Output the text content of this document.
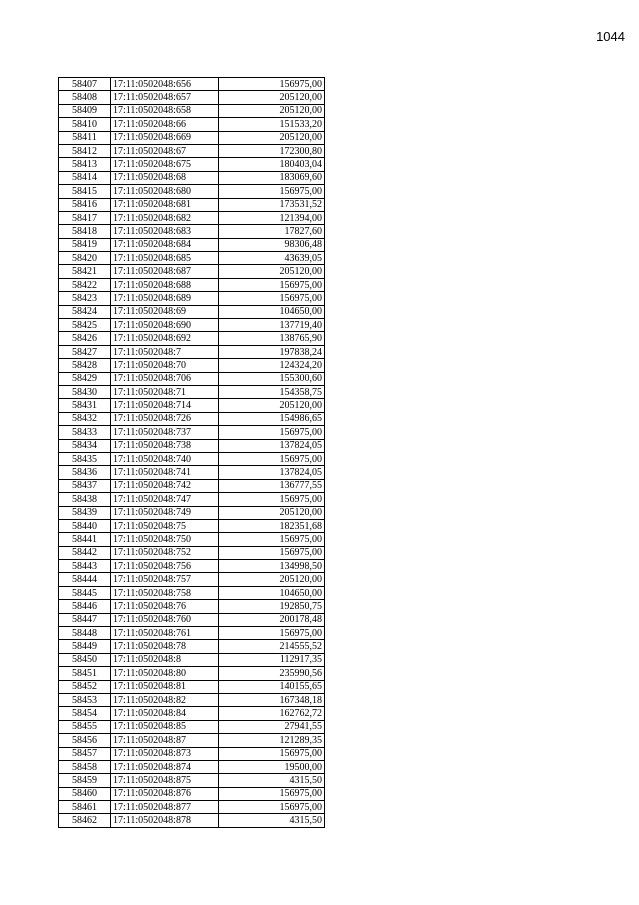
1044
58407	17:11:0502048:656	156975,00
58408	17:11:0502048:657	205120,00
58409	17:11:0502048:658	205120,00
58410	17:11:0502048:66	151533,20
58411	17:11:0502048:669	205120,00
58412	17:11:0502048:67	172300,80
58413	17:11:0502048:675	180403,04
58414	17:11:0502048:68	183069,60
58415	17:11:0502048:680	156975,00
58416	17:11:0502048:681	173531,52
58417	17:11:0502048:682	121394,00
58418	17:11:0502048:683	17827,60
58419	17:11:0502048:684	98306,48
58420	17:11:0502048:685	43639,05
58421	17:11:0502048:687	205120,00
58422	17:11:0502048:688	156975,00
58423	17:11:0502048:689	156975,00
58424	17:11:0502048:69	104650,00
58425	17:11:0502048:690	137719,40
58426	17:11:0502048:692	138765,90
58427	17:11:0502048:7	197838,24
58428	17:11:0502048:70	124324,20
58429	17:11:0502048:706	155300,60
58430	17:11:0502048:71	154358,75
58431	17:11:0502048:714	205120,00
58432	17:11:0502048:726	154986,65
58433	17:11:0502048:737	156975,00
58434	17:11:0502048:738	137824,05
58435	17:11:0502048:740	156975,00
58436	17:11:0502048:741	137824,05
58437	17:11:0502048:742	136777,55
58438	17:11:0502048:747	156975,00
58439	17:11:0502048:749	205120,00
58440	17:11:0502048:75	182351,68
58441	17:11:0502048:750	156975,00
58442	17:11:0502048:752	156975,00
58443	17:11:0502048:756	134998,50
58444	17:11:0502048:757	205120,00
58445	17:11:0502048:758	104650,00
58446	17:11:0502048:76	192850,75
58447	17:11:0502048:760	200178,48
58448	17:11:0502048:761	156975,00
58449	17:11:0502048:78	214555,52
58450	17:11:0502048:8	112917,35
58451	17:11:0502048:80	235990,56
58452	17:11:0502048:81	140155,65
58453	17:11:0502048:82	167348,18
58454	17:11:0502048:84	162762,72
58455	17:11:0502048:85	27941,55
58456	17:11:0502048:87	121289,35
58457	17:11:0502048:873	156975,00
58458	17:11:0502048:874	19500,00
58459	17:11:0502048:875	4315,50
58460	17:11:0502048:876	156975,00
58461	17:11:0502048:877	156975,00
58462	17:11:0502048:878	4315,50
